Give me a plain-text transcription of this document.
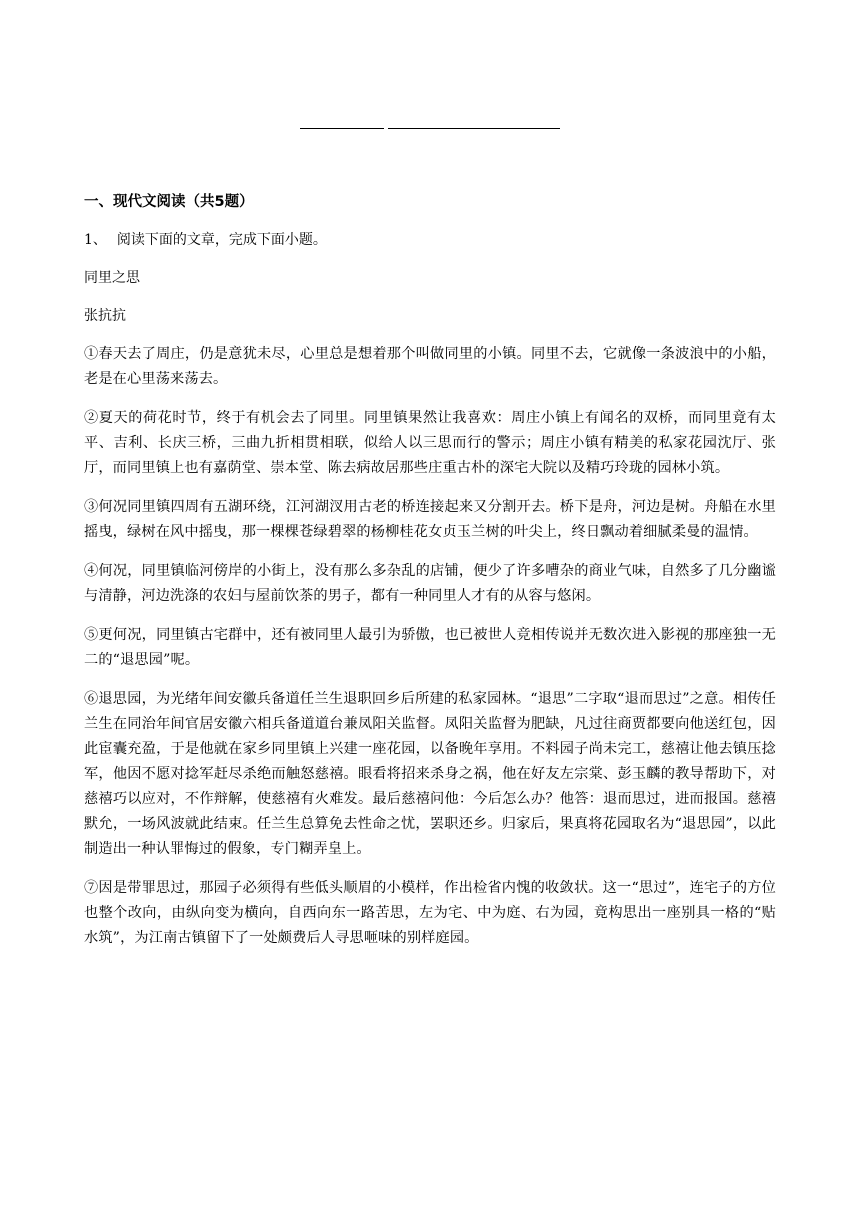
一、现代文阅读（共5题）
1、 阅读下面的文章，完成下面小题。
同里之思
张抗抗

①春天去了周庄，仍是意犹未尽，心里总是想着那个叫做同里的小镇。同里不去，它就像一条波浪中的小船，老是在心里荡来荡去。

②夏天的荷花时节，终于有机会去了同里。同里镇果然让我喜欢：周庄小镇上有闻名的双桥，而同里竟有太平、吉利、长庆三桥，三曲九折相贯相联，似给人以三思而行的警示；周庄小镇有精美的私家花园沈厅、张厅，而同里镇上也有嘉荫堂、崇本堂、陈去病故居那些庄重古朴的深宅大院以及精巧玲珑的园林小筑。

③何况同里镇四周有五湖环绕，江河湖汊用古老的桥连接起来又分割开去。桥下是舟，河边是树。舟船在水里摇曳，绿树在风中摇曳，那一棵棵苍绿碧翠的杨柳桂花女贞玉兰树的叶尖上，终日飘动着细腻柔曼的温情。

④何况，同里镇临河傍岸的小街上，没有那么多杂乱的店铺，便少了许多嘈杂的商业气味，自然多了几分幽谧与清静，河边洗涤的农妇与屋前饮茶的男子，都有一种同里人才有的从容与悠闲。

⑤更何况，同里镇古宅群中，还有被同里人最引为骄傲，也已被世人竞相传说并无数次进入影视的那座独一无二的“退思园”呢。

⑥退思园，为光绪年间安徽兵备道任兰生退职回乡后所建的私家园林。“退思”二字取“退而思过”之意。相传任兰生在同治年间官居安徽六相兵备道道台兼凤阳关监督。凤阳关监督为肥缺，凡过往商贾都要向他送红包，因此宦囊充盈，于是他就在家乡同里镇上兴建一座花园，以备晚年享用。不料园子尚未完工，慈禧让他去镇压捻军，他因不愿对捻军赶尽杀绝而触怒慈禧。眼看将招来杀身之祸，他在好友左宗棠、彭玉麟的教导帮助下，对慈禧巧以应对，不作辩解，使慈禧有火难发。最后慈禧问他：今后怎么办？他答：退而思过，进而报国。慈禧默允，一场风波就此结束。任兰生总算免去性命之忧，罢职还乡。归家后，果真将花园取名为“退思园”，以此制造出一种认罪悔过的假象，专门糊弄皇上。

⑦因是带罪思过，那园子必须得有些低头顺眉的小模样，作出检省内愧的收敛状。这一“思过”，连宅子的方位也整个改向，由纵向变为横向，自西向东一路苦思，左为宅、中为庭、右为园，竟构思出一座别具一格的“贴水筑”，为江南古镇留下了一处颇费后人寻思咂味的别样庭园。
